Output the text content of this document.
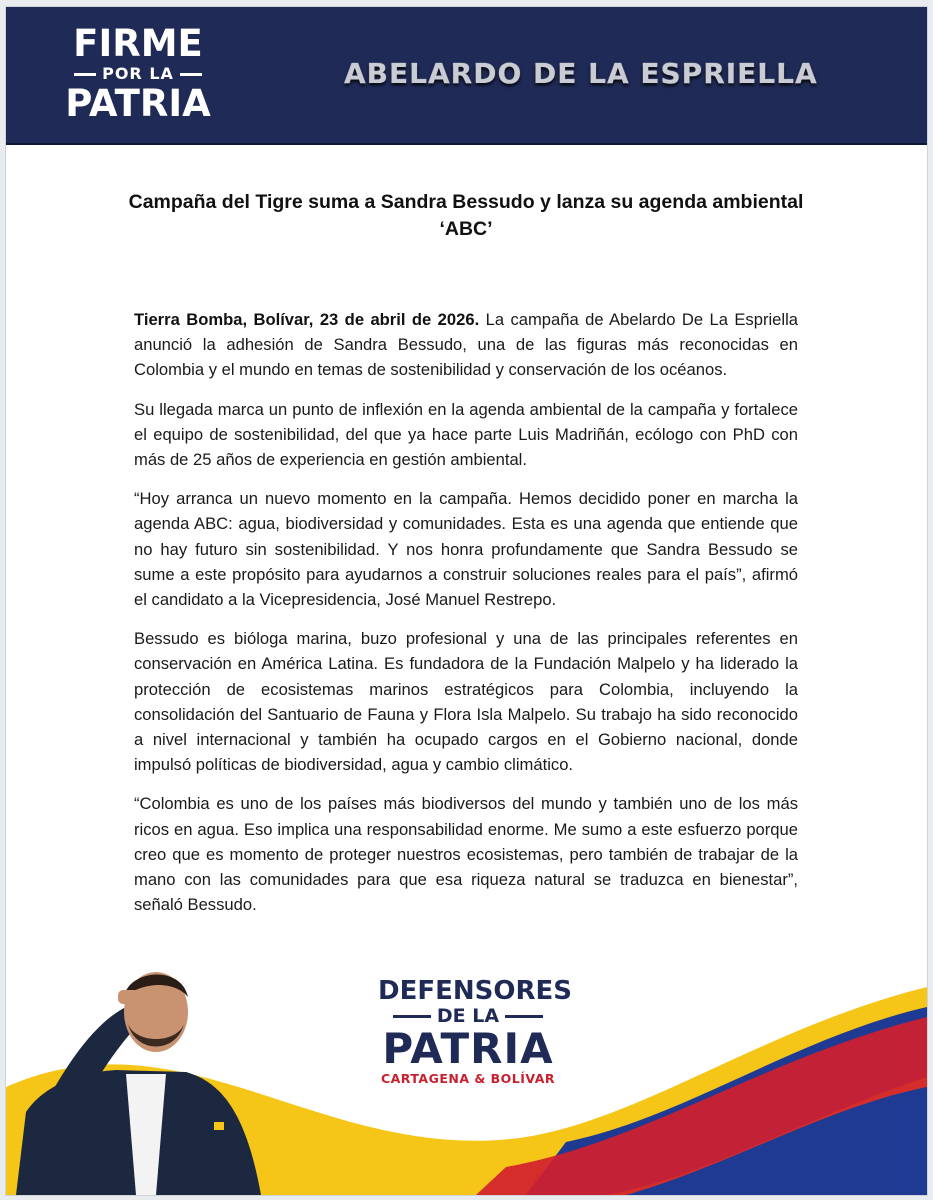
FIRME
POR LA
PATRIA
ABELARDO DE LA ESPRIELLA
Campaña del Tigre suma a Sandra Bessudo y lanza su agenda ambiental ‘ABC’

Tierra Bomba, Bolívar, 23 de abril de 2026. La campaña de Abelardo De La Espriella anunció la adhesión de Sandra Bessudo, una de las figuras más reconocidas en Colombia y el mundo en temas de sostenibilidad y conservación de los océanos.

Su llegada marca un punto de inflexión en la agenda ambiental de la campaña y fortalece el equipo de sostenibilidad, del que ya hace parte Luis Madriñán, ecólogo con PhD con más de 25 años de experiencia en gestión ambiental.

“Hoy arranca un nuevo momento en la campaña. Hemos decidido poner en marcha la agenda ABC: agua, biodiversidad y comunidades. Esta es una agenda que entiende que no hay futuro sin sostenibilidad. Y nos honra profundamente que Sandra Bessudo se sume a este propósito para ayudarnos a construir soluciones reales para el país”, afirmó el candidato a la Vicepresidencia, José Manuel Restrepo.

Bessudo es bióloga marina, buzo profesional y una de las principales referentes en conservación en América Latina. Es fundadora de la Fundación Malpelo y ha liderado la protección de ecosistemas marinos estratégicos para Colombia, incluyendo la consolidación del Santuario de Fauna y Flora Isla Malpelo. Su trabajo ha sido reconocido a nivel internacional y también ha ocupado cargos en el Gobierno nacional, donde impulsó políticas de biodiversidad, agua y cambio climático.

“Colombia es uno de los países más biodiversos del mundo y también uno de los más ricos en agua. Eso implica una responsabilidad enorme. Me sumo a este esfuerzo porque creo que es momento de proteger nuestros ecosistemas, pero también de trabajar de la mano con las comunidades para que esa riqueza natural se traduzca en bienestar”, señaló Bessudo.

DEFENSORES
DE LA
PATRIA
CARTAGENA & BOLÍVAR
